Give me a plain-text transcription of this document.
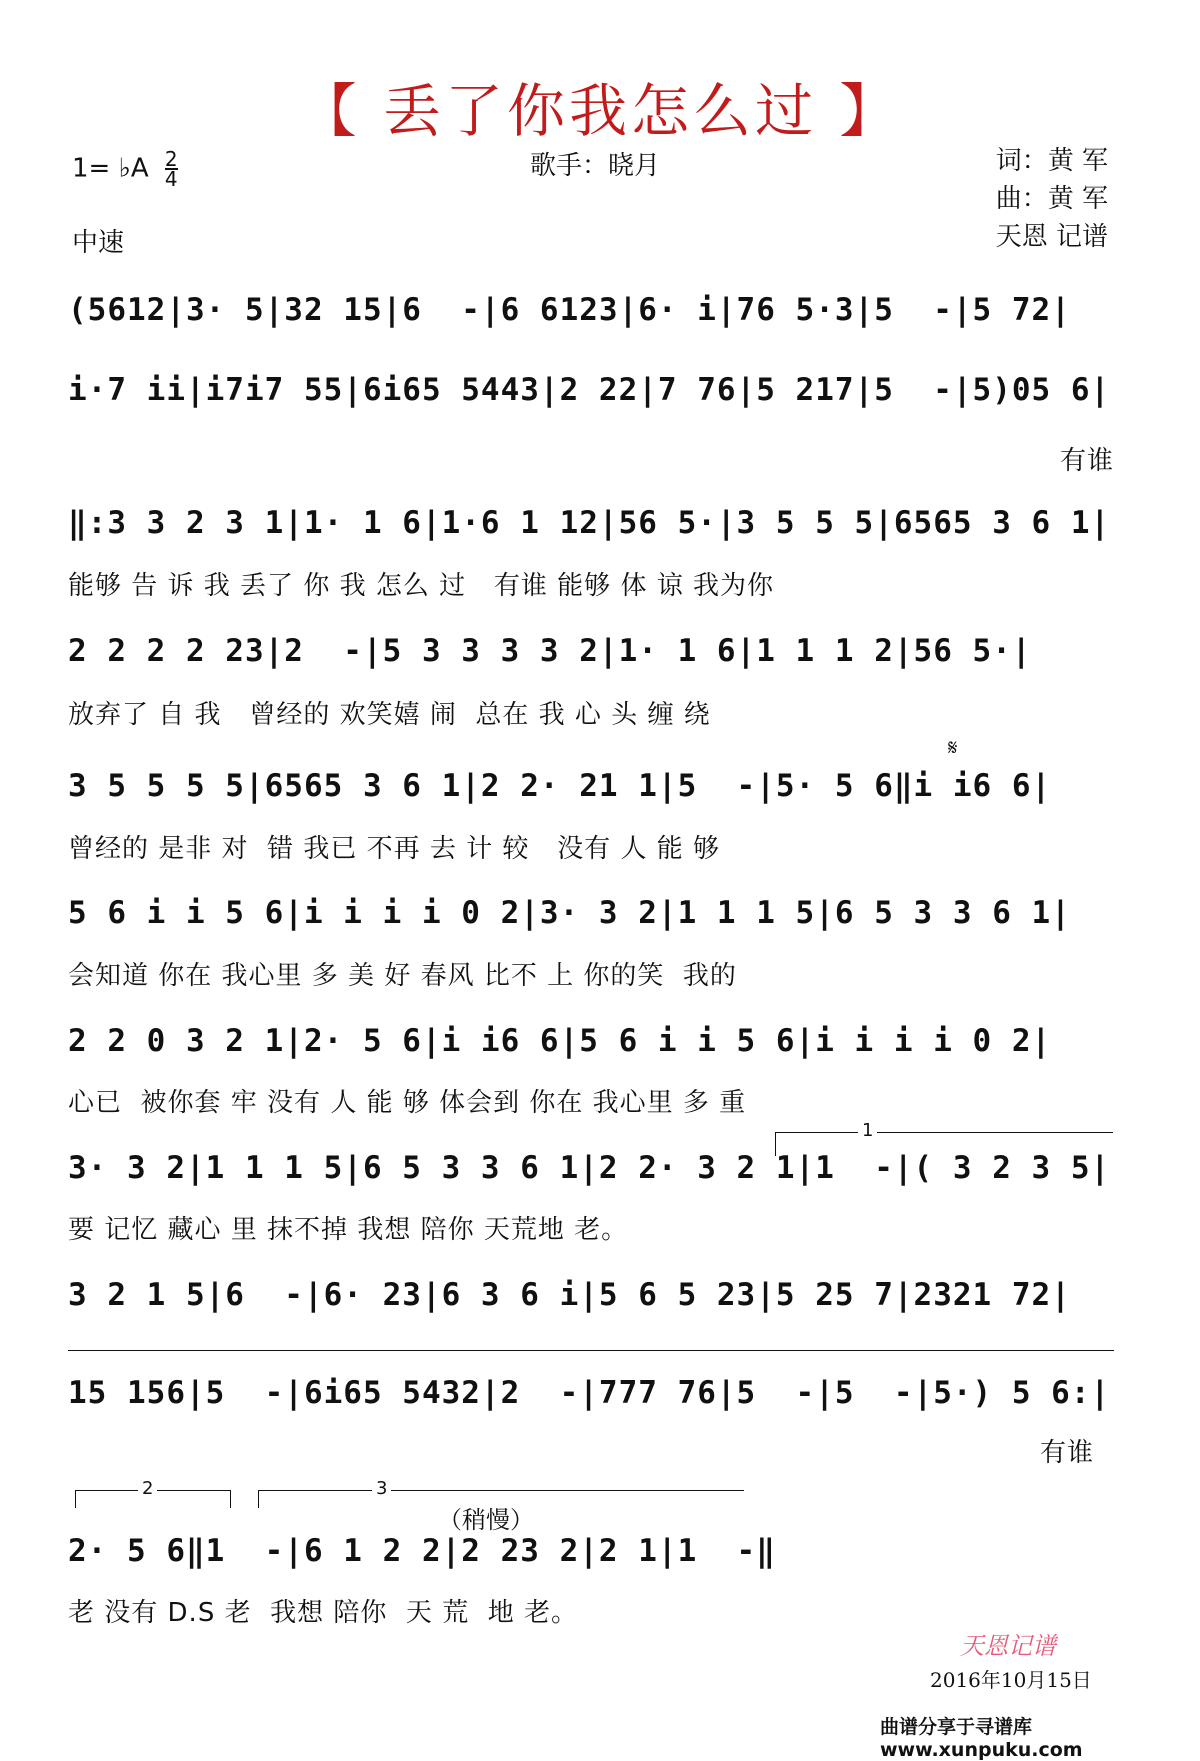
【 丢了你我怎么过 】
1= ♭A $\frac{2}{4}$	歌手：晓月	词：黄 军
曲：黄 军
天恩 记谱
中速
(5612|3· 5|32 15|6  -|6 6123|6· i|76 5·3|5  -|5 72|
i·7 ii|i7i7 55|6i65 5443|2 22|7 76|5 217|5  -|5)05 6|
有谁
‖:3 3 2 3 1|1· 1 6|1·6 1 12|56 5·|3 5 5 5|6565 3 6 1|
能够 告 诉 我 丢了 你 我 怎么 过   有谁 能够 体 谅 我为你
2 2 2 2 23|2  -|5 3 3 3 3 2|1· 1 6|1 1 1 2|56 5·|
放弃了 自 我   曾经的 欢笑嬉 闹  总在 我 心 头 缠 绕
𝄋
3 5 5 5 5|6565 3 6 1|2 2· 21 1|5  -|5· 5 6‖i i6 6|
曾经的 是非 对  错 我已 不再 去 计 较   没有 人 能 够
5 6 i i 5 6|i i i i 0 2|3· 3 2|1 1 1 5|6 5 3 3 6 1|
会知道 你在 我心里 多 美 好 春风 比不 上 你的笑  我的
2 2 0 3 2 1|2· 5 6|i i6 6|5 6 i i 5 6|i i i i 0 2|
心已  被你套 牢 没有 人 能 够 体会到 你在 我心里 多 重
1
3· 3 2|1 1 1 5|6 5 3 3 6 1|2 2· 3 2 1|1  -|( 3 2 3 5|
要 记忆 藏心 里 抹不掉 我想 陪你 天荒地 老。
3 2 1 5|6  -|6· 23|6 3 6 i|5 6 5 23|5 25 7|2321 72|
15 156|5  -|6i65 5432|2  -|777 76|5  -|5  -|5·) 5 6:|
有谁
2	3
（稍慢）
2· 5 6‖1  -|6 1 2 2|2 23 2|2 1|1  -‖
老 没有 D.S 老  我想 陪你  天 荒  地 老。
天恩记谱
2016年10月15日
曲谱分享于寻谱库 www.xunpuku.com
